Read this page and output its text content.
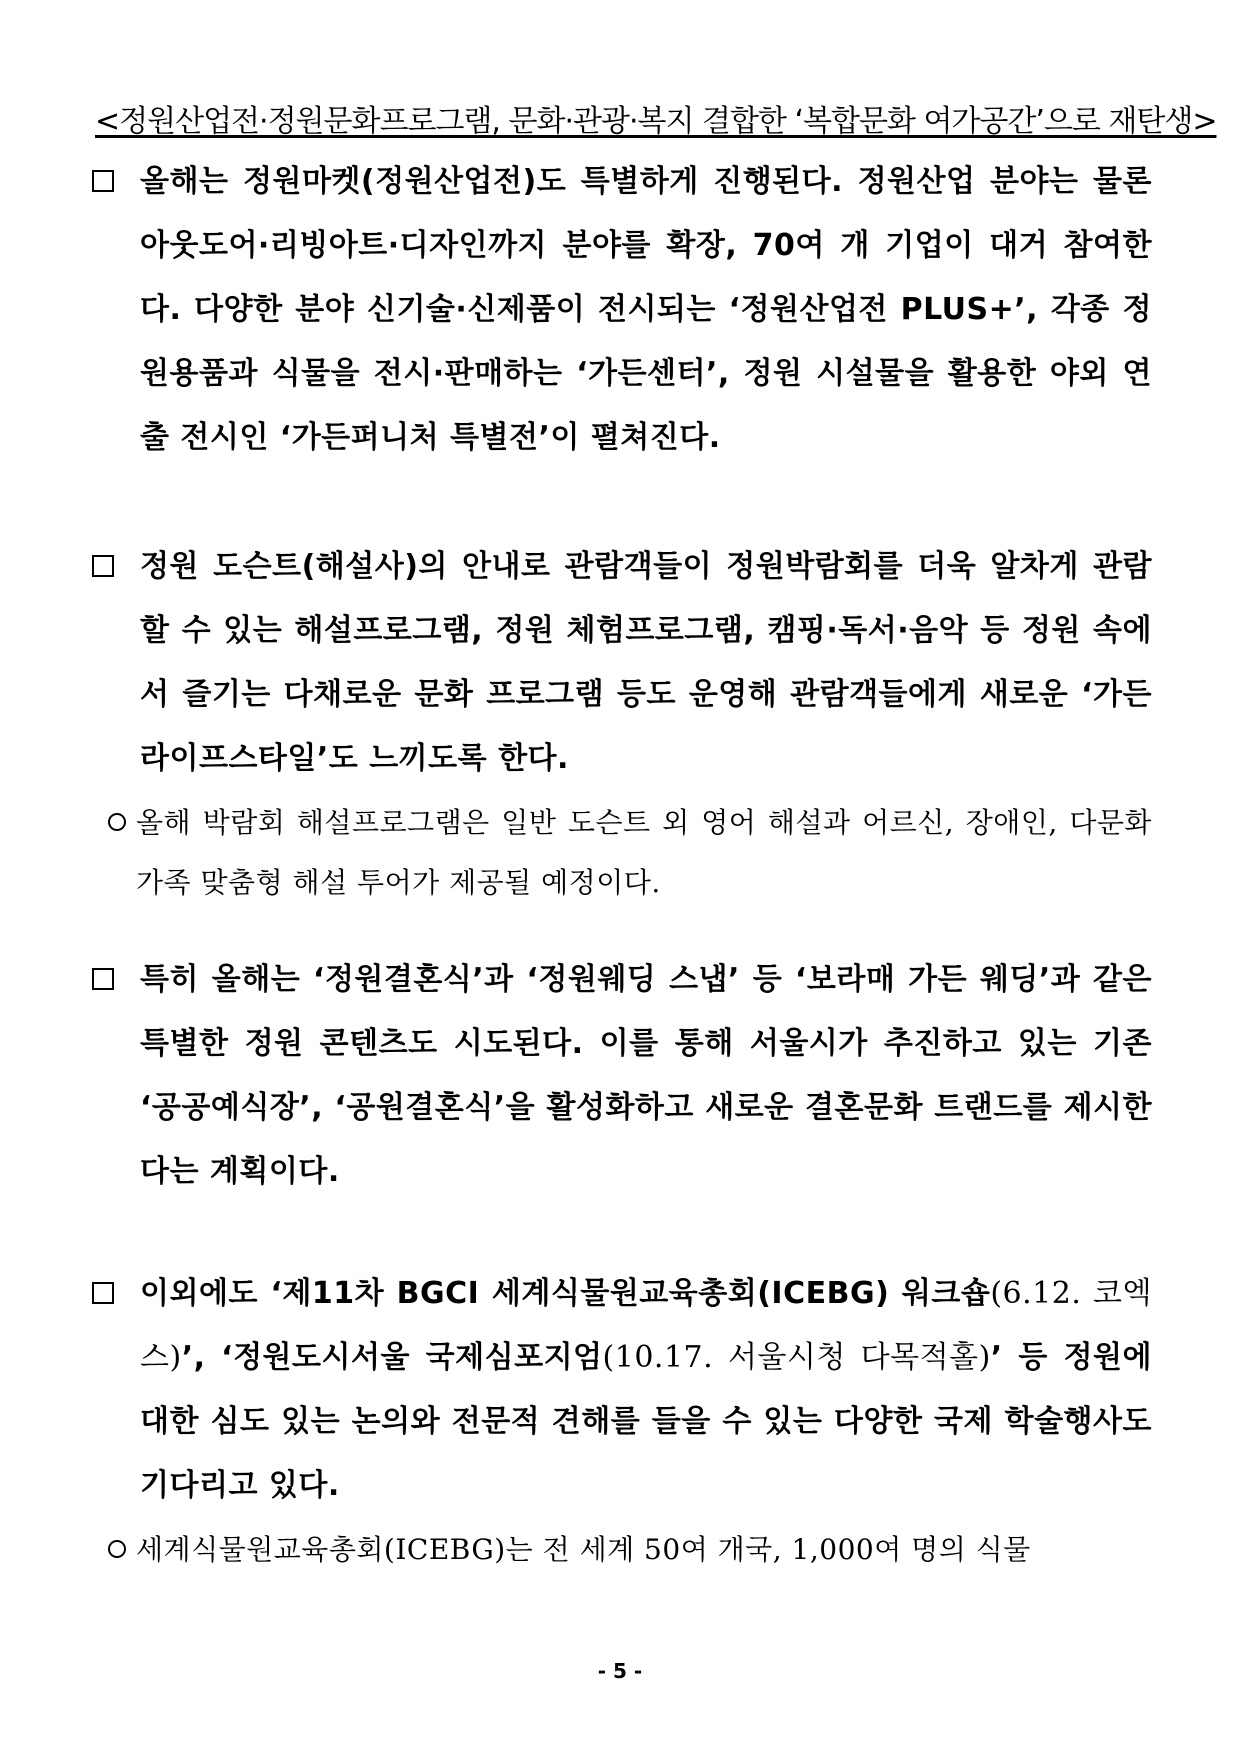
<정원산업전·정원문화프로그램, 문화·관광·복지 결합한 ‘복합문화 여가공간’으로 재탄생>
올해는 정원마켓(정원산업전)도 특별하게 진행된다. 정원산업 분야는 물론 아웃도어·리빙아트·디자인까지 분야를 확장, 70여 개 기업이 대거 참여한다. 다양한 분야 신기술·신제품이 전시되는 ‘정원산업전 PLUS+’, 각종 정원용품과 식물을 전시·판매하는 ‘가든센터’, 정원 시설물을 활용한 야외 연출 전시인 ‘가든퍼니처 특별전’이 펼쳐진다.
정원 도슨트(해설사)의 안내로 관람객들이 정원박람회를 더욱 알차게 관람할 수 있는 해설프로그램, 정원 체험프로그램, 캠핑·독서·음악 등 정원 속에서 즐기는 다채로운 문화 프로그램 등도 운영해 관람객들에게 새로운 ‘가든 라이프스타일’도 느끼도록 한다.
올해 박람회 해설프로그램은 일반 도슨트 외 영어 해설과 어르신, 장애인, 다문화가족 맞춤형 해설 투어가 제공될 예정이다.
특히 올해는 ‘정원결혼식’과 ‘정원웨딩 스냅’ 등 ‘보라매 가든 웨딩’과 같은 특별한 정원 콘텐츠도 시도된다. 이를 통해 서울시가 추진하고 있는 기존 ‘공공예식장’, ‘공원결혼식’을 활성화하고 새로운 결혼문화 트랜드를 제시한다는 계획이다.
이외에도 ‘제11차 BGCI 세계식물원교육총회(ICEBG) 워크숍(6.12. 코엑스)’, ‘정원도시서울 국제심포지엄(10.17. 서울시청 다목적홀)’ 등 정원에 대한 심도 있는 논의와 전문적 견해를 들을 수 있는 다양한 국제 학술행사도 기다리고 있다.
세계식물원교육총회(ICEBG)는 전 세계 50여 개국, 1,000여 명의 식물
- 5 -
